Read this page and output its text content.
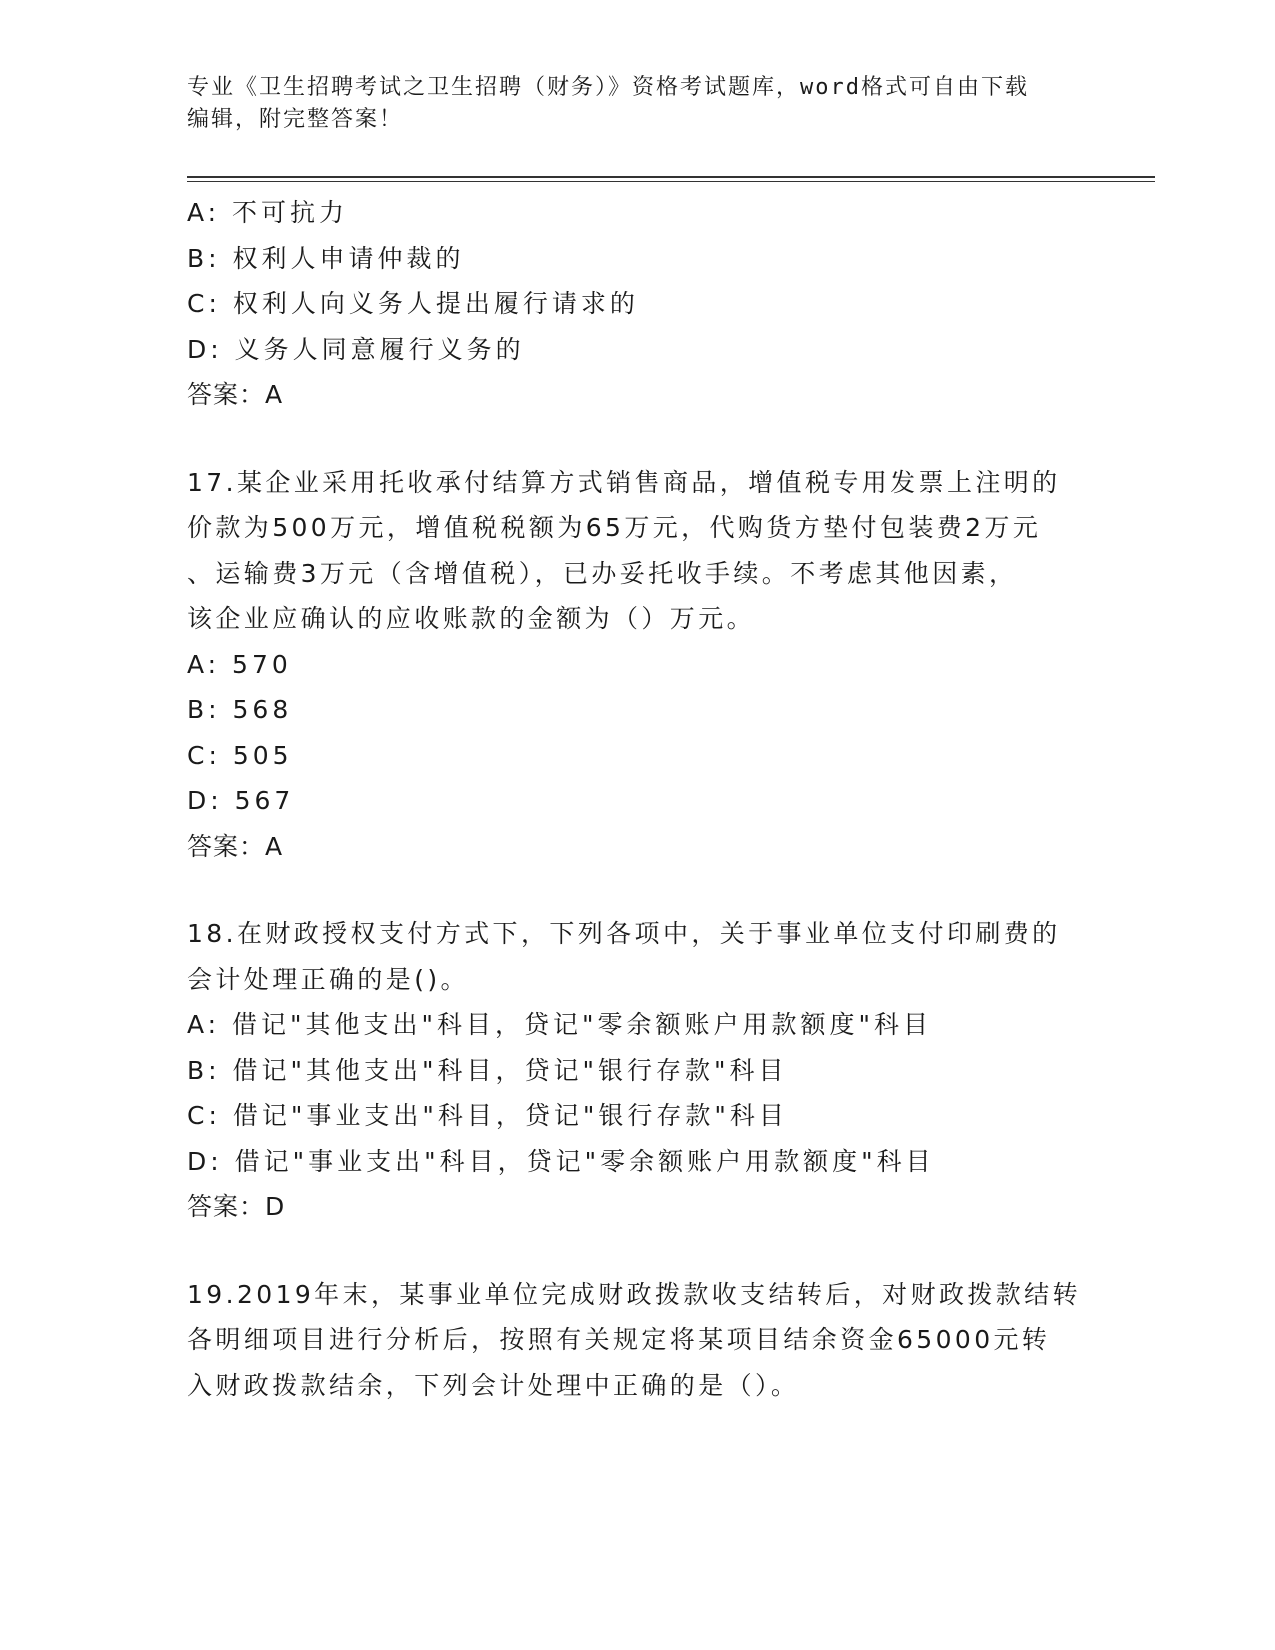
专业《卫生招聘考试之卫生招聘（财务）》资格考试题库，word格式可自由下载
编辑，附完整答案！
A: 不可抗力
B: 权利人申请仲裁的
C: 权利人向义务人提出履行请求的
D: 义务人同意履行义务的
答案：A
17.某企业采用托收承付结算方式销售商品，增值税专用发票上注明的
价款为500万元，增值税税额为65万元，代购货方垫付包装费2万元
、运输费3万元（含增值税），已办妥托收手续。不考虑其他因素，
该企业应确认的应收账款的金额为（）万元。
A: 570
B: 568
C: 505
D: 567
答案：A
18.在财政授权支付方式下，下列各项中，关于事业单位支付印刷费的
会计处理正确的是()。
A: 借记"其他支出"科目，贷记"零余额账户用款额度"科目
B: 借记"其他支出"科目，贷记"银行存款"科目
C: 借记"事业支出"科目，贷记"银行存款"科目
D: 借记"事业支出"科目，贷记"零余额账户用款额度"科目
答案：D
19.2019年末，某事业单位完成财政拨款收支结转后，对财政拨款结转
各明细项目进行分析后，按照有关规定将某项目结余资金65000元转
入财政拨款结余，下列会计处理中正确的是（）。
